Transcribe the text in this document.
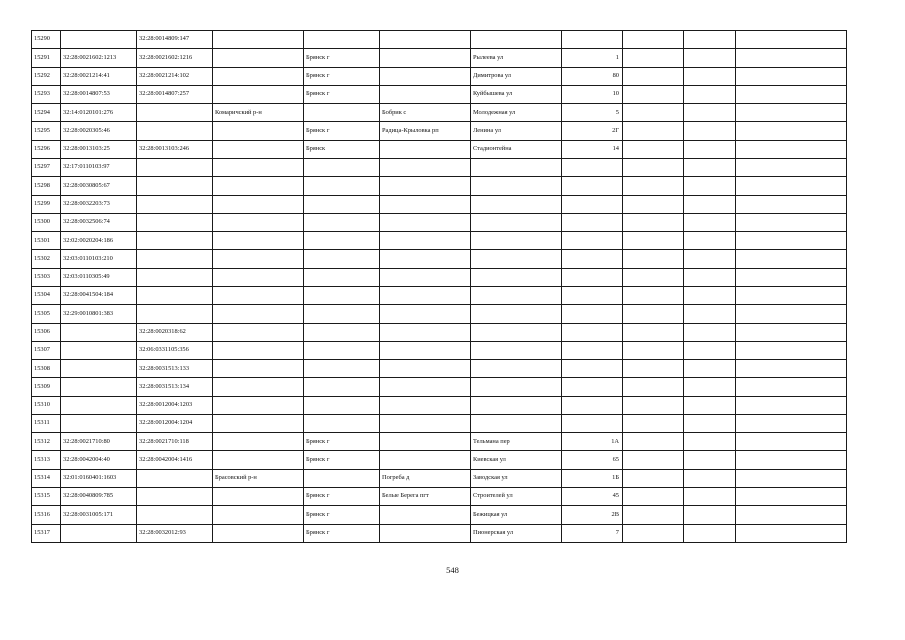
15290		32:28:0014809:147								
15291	32:28:0021602:1213	32:28:0021602:1216		Брянск г		Рылеева ул	1			
15292	32:28:0021214:41	32:28:0021214:102		Брянск г		Димитрова ул	80			
15293	32:28:0014807:53	32:28:0014807:257		Брянск г		Куйбышева ул	10			
15294	32:14:0120101:276		Комаричский р-н		Бобрик с	Молодежная ул	5			
15295	32:28:0020305:46			Брянск г	Радица-Крыловка рп	Ленина ул	2Г			
15296	32:28:0013103:25	32:28:0013103:246		Брянск		Стадионтейна	14			
15297	32:17:0110103:97									
15298	32:28:0030805:67									
15299	32:28:0032203:73									
15300	32:28:0032506:74									
15301	32:02:0020204:186									
15302	32:03:0110103:210									
15303	32:03:0110305:49									
15304	32:28:0041504:184									
15305	32:29:0010801:383									
15306		32:28:0020318:62								
15307		32:06:0331105:356								
15308		32:28:0031513:133								
15309		32:28:0031513:134								
15310		32:28:0012004:1203								
15311		32:28:0012004:1204								
15312	32:28:0021710:80	32:28:0021710:118		Брянск г		Тельмана пер	1А			
15313	32:28:0042004:40	32:28:0042004:1416		Брянск г		Киевская ул	65			
15314	32:01:0160401:1603		Брасовский р-н		Погреба д	Заводская ул	1Б			
15315	32:28:0040809:785			Брянск г	Белые Берега пгт	Строителей ул	45			
15316	32:28:0031005:171			Брянск г		Бежицкая ул	2В			
15317		32:28:0032012:93		Брянск г		Пионерская ул	7			
548
